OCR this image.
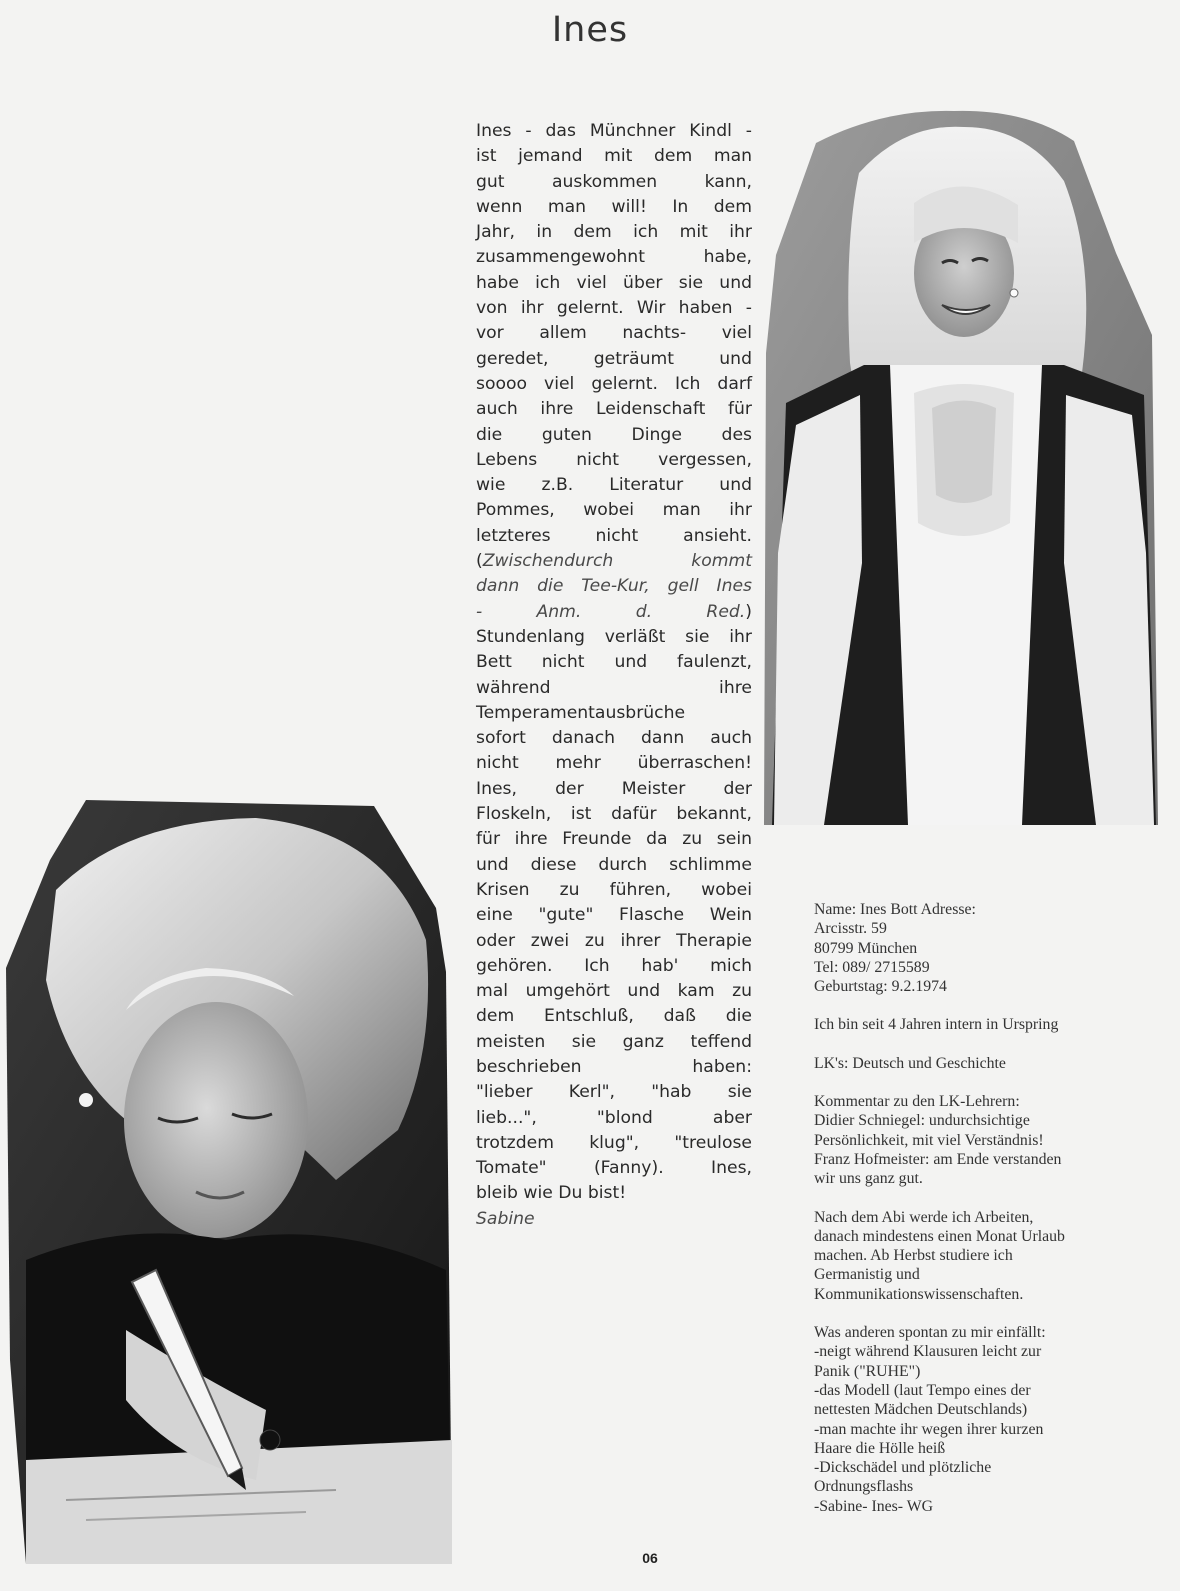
Ines
Ines - das Münchner Kindl -
ist jemand mit dem man
gut auskommen kann,
wenn man will! In dem
Jahr, in dem ich mit ihr
zusammengewohnt habe,
habe ich viel über sie und
von ihr gelernt. Wir haben -
vor allem nachts- viel
geredet, geträumt und
soooo viel gelernt. Ich darf
auch ihre Leidenschaft für
die guten Dinge des
Lebens nicht vergessen,
wie z.B. Literatur und
Pommes, wobei man ihr
letzteres nicht ansieht.
(Zwischendurch kommt
dann die Tee-Kur, gell Ines
- Anm. d. Red.)
Stundenlang verläßt sie ihr
Bett nicht und faulenzt,
während ihre
Temperamentausbrüche
sofort danach dann auch
nicht mehr überraschen!
Ines, der Meister der
Floskeln, ist dafür bekannt,
für ihre Freunde da zu sein
und diese durch schlimme
Krisen zu führen, wobei
eine "gute" Flasche Wein
oder zwei zu ihrer Therapie
gehören. Ich hab' mich
mal umgehört und kam zu
dem Entschluß, daß die
meisten sie ganz teffend
beschrieben haben:
"lieber Kerl", "hab sie
lieb...", "blond aber
trotzdem klug", "treulose
Tomate" (Fanny). Ines,
bleib wie Du bist!
Sabine
Name: Ines Bott Adresse:
Arcisstr. 59
80799 München
Tel: 089/ 2715589
Geburtstag: 9.2.1974
Ich bin seit 4 Jahren intern in Urspring
LK's: Deutsch und Geschichte
Kommentar zu den LK-Lehrern:
Didier Schniegel: undurchsichtige
Persönlichkeit, mit viel Verständnis!
Franz Hofmeister: am Ende verstanden
wir uns ganz gut.
Nach dem Abi werde ich Arbeiten,
danach mindestens einen Monat Urlaub
machen. Ab Herbst studiere ich
Germanistig und
Kommunikationswissenschaften.
Was anderen spontan zu mir einfällt:
-neigt während Klausuren leicht zur
Panik ("RUHE")
-das Modell (laut Tempo eines der
nettesten Mädchen Deutschlands)
-man machte ihr wegen ihrer kurzen
Haare die Hölle heiß
-Dickschädel und plötzliche
Ordnungsflashs
-Sabine- Ines- WG
06
